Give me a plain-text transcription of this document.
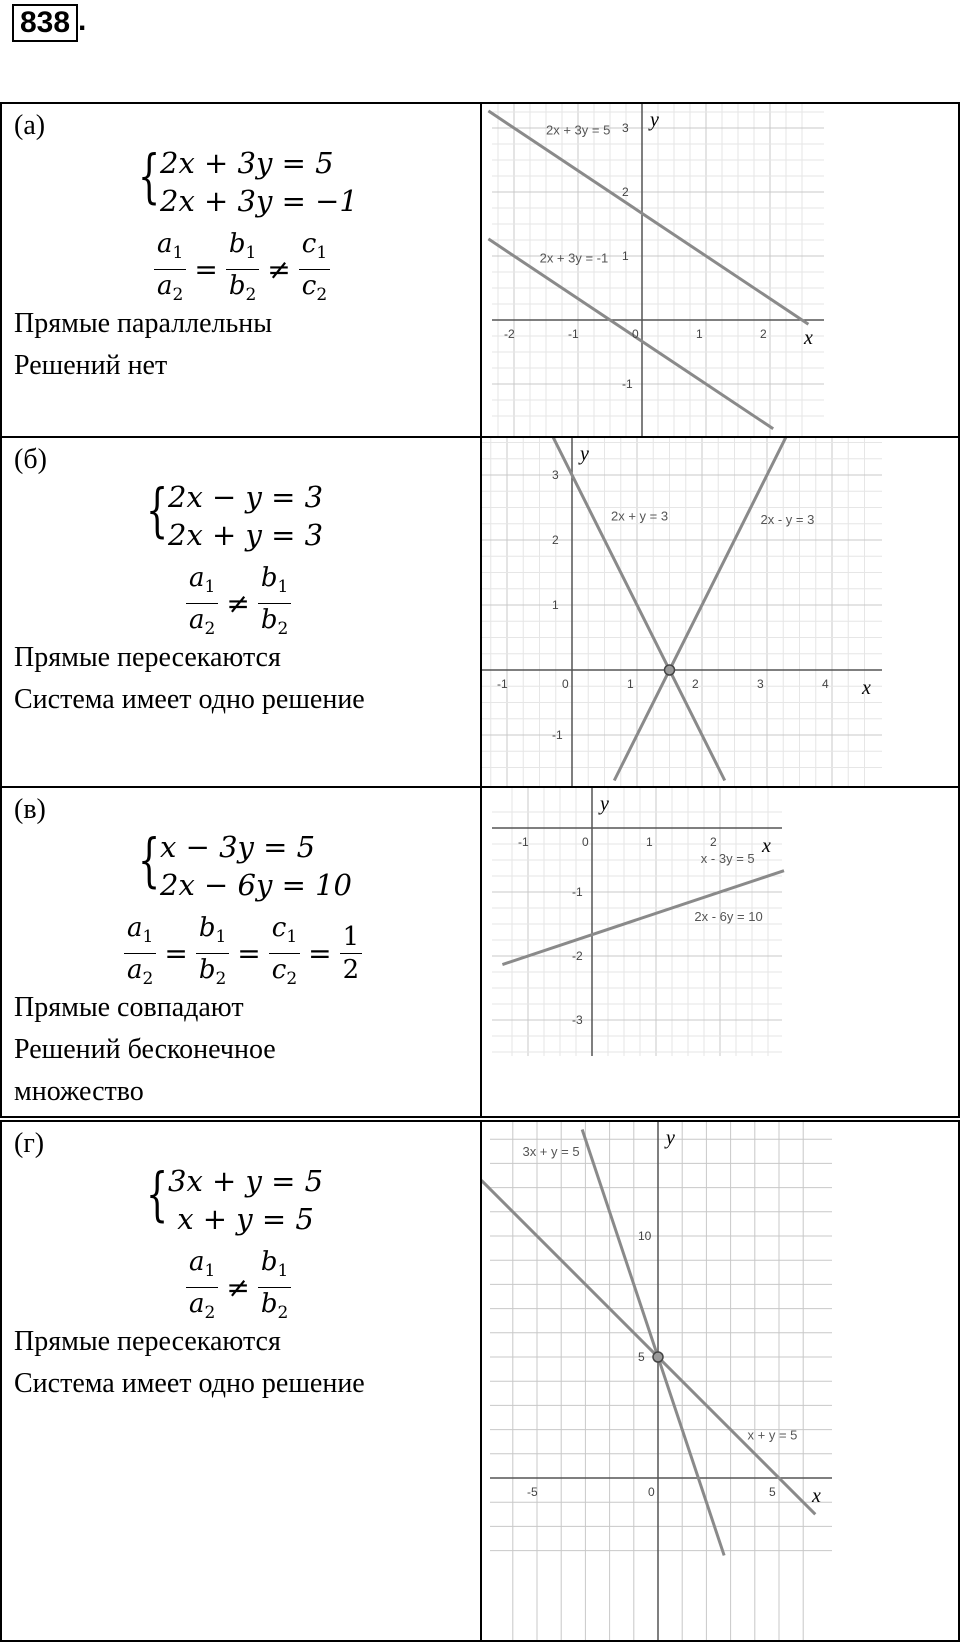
838 .
(а)
{ 2x + 3y = 5
2x + 3y = −1
$\frac{a_1}{a_2} = \frac{b_1}{b_2} \ne \frac{c_1}{c_2}$
Прямые параллельны
Решений нет
-2	-1	0	1	2
3
2
1
-1
x
y
2x + 3y = 5
2x + 3y = -1
(б)
{ 2x − y = 3
2x + y = 3
$\frac{a_1}{a_2} \ne \frac{b_1}{b_2}$
Прямые пересекаются
Система имеет одно решение	-1	0	1	2	3	4
3
2
1
-1
x
y
2x + y = 3	2x - y = 3
(в)
{ x − 3y = 5
2x − 6y = 10
$\frac{a_1}{a_2} = \frac{b_1}{b_2} = \frac{c_1}{c_2} = \frac{1}{2}$
Прямые совпадают
Решений бесконечное
множество
-1	0	1	2
-1
-2
-3
x
y
x - 3y = 5
2x - 6y = 10
(г)
{ 3x + y = 5
x + y = 5
$\frac{a_1}{a_2} \ne \frac{b_1}{b_2}$
Прямые пересекаются
Система имеет одно решение
-5	0	5
10
5
x
y
3x + y = 5
x + y = 5
